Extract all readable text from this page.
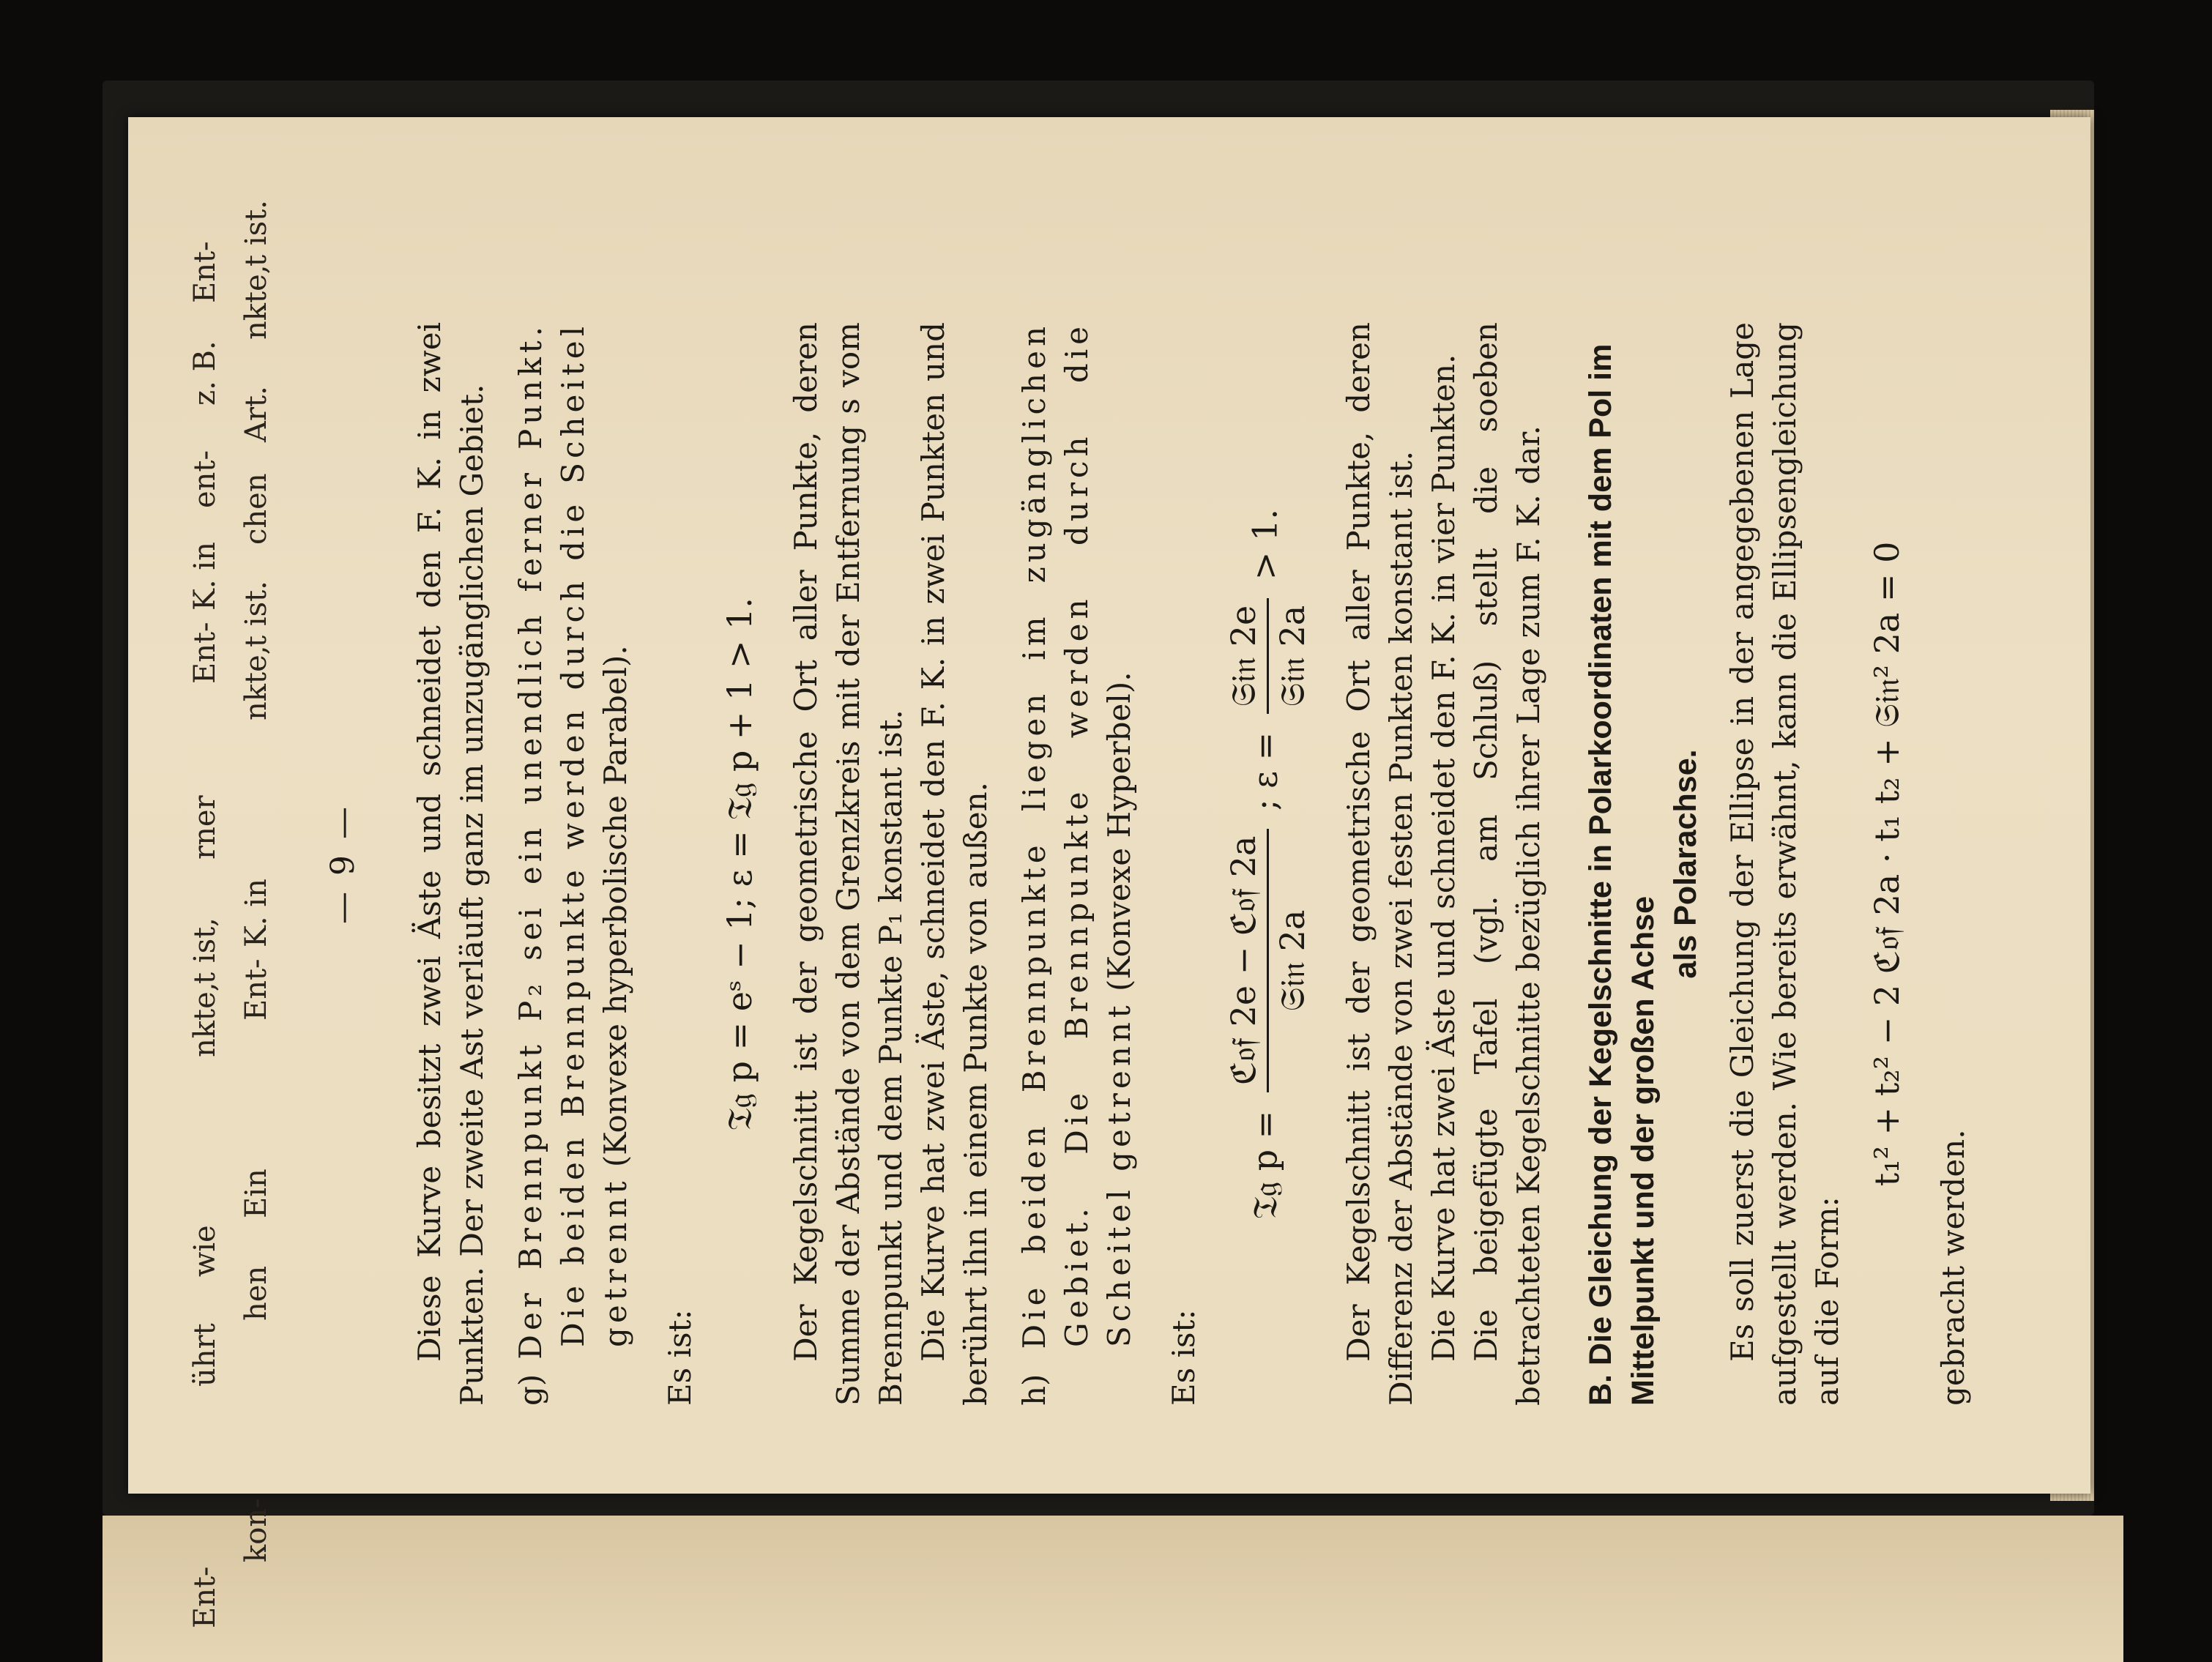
— 9 — Diese Kurve besitzt zwei Äste und schneidet den F. K. in zwei Punkten. Der zweite Ast verläuft ganz im unzugänglichen Gebiet. g) Der Brennpunkt P₂ sei ein unendlich ferner Punkt. Die beiden Brennpunkte werden durch die Scheitel getrennt (Konvexe hyperbolische Parabel).

Es ist:

𝔗𝔤 p = eˢ − 1; ε = 𝔗𝔤 p + 1 > 1. Der Kegelschnitt ist der geometrische Ort aller Punkte, deren Summe der Abstände von dem Grenzkreis mit der Entfernung s vom Brennpunkt und dem Punkte P₁ konstant ist. Die Kurve hat zwei Äste, schneidet den F. K. in zwei Punkten und berührt ihn in einem Punkte von außen. h) Die beiden Brennpunkte liegen im zugänglichen Gebiet. Die Brennpunkte werden durch die Scheitel getrennt (Konvexe Hyperbel).

Es ist:

𝔗𝔤 p =
ℭ𝔬𝔣 2e − ℭ𝔬𝔣 2a 𝔖𝔦𝔫 2a
; ε =
𝔖𝔦𝔫 2e 𝔖𝔦𝔫 2a
> 1.	Der Kegelschnitt ist der geometrische Ort aller Punkte, deren Differenz der Abstände von zwei festen Punkten konstant ist. Die Kurve hat zwei Äste und schneidet den F. K. in vier Punkten. Die beigefügte Tafel (vgl. am Schluß) stellt die soeben betrachteten Kegelschnitte bezüglich ihrer Lage zum F. K. dar. B. Die Gleichung der Kegelschnitte in Polarkoordinaten mit dem Pol im Mittelpunkt und der großen Achse
als Polarachse. Es soll zuerst die Gleichung der Ellipse in der angegebenen Lage aufgestellt werden. Wie bereits erwähnt, kann die Ellipsengleichung auf die Form:

t₁² + t₂² − 2 ℭ𝔬𝔣 2a · t₁ t₂ + 𝔖𝔦𝔫² 2a = 0

gebracht werden.

Ent-
kon-
ührt
hen
wie
Ein
nkte, Ent-
t ist,
K. in
rner
nkte,
Ent-
t ist.
K. in
chen
ent-
Art.
z. B.
nkte,
Ent-
t ist.
